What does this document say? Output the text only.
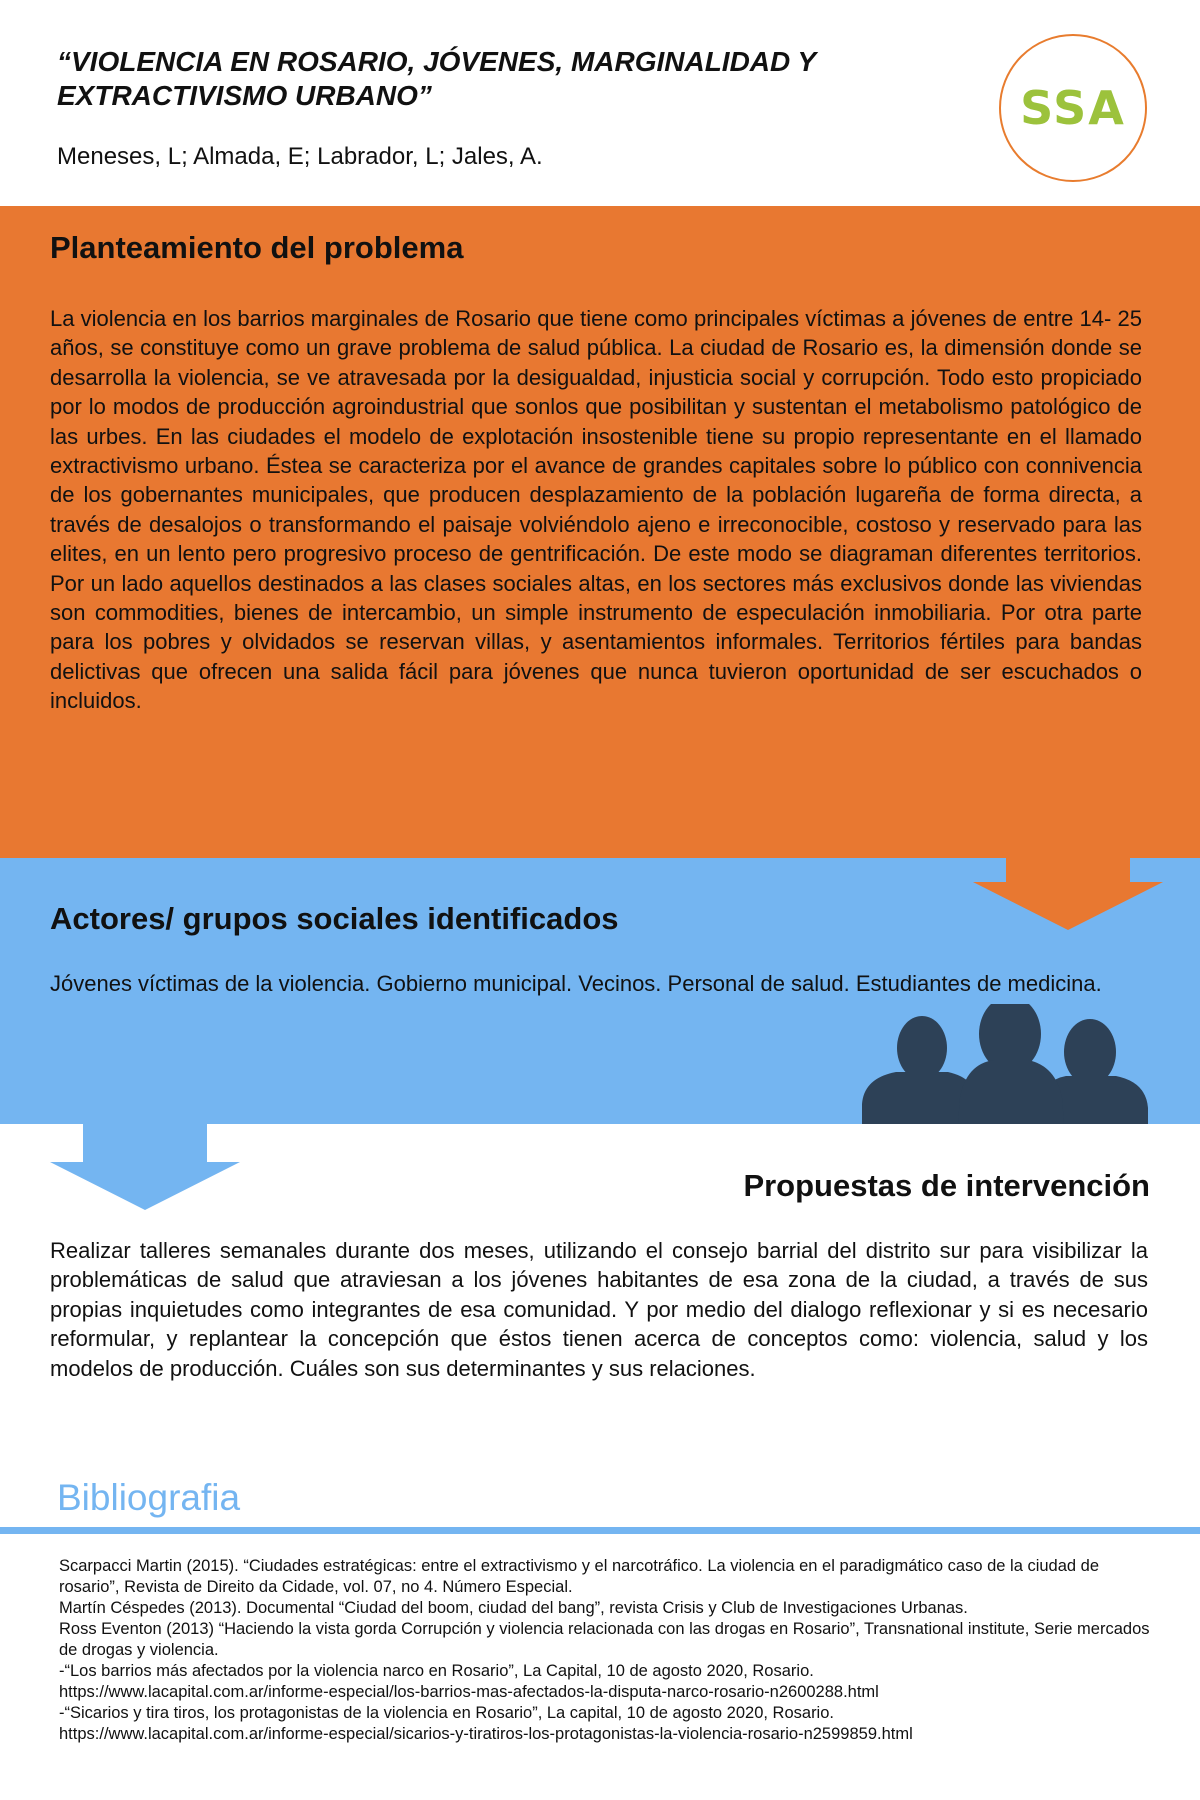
“VIOLENCIA EN ROSARIO, JÓVENES, MARGINALIDAD Y EXTRACTIVISMO URBANO”

Meneses, L; Almada, E; Labrador, L; Jales, A.

SSA
Planteamiento del problema

La violencia en los barrios marginales de Rosario que tiene como principales víctimas a jóvenes de entre 14- 25 años, se constituye como un grave problema de salud pública. La ciudad de Rosario es, la dimensión donde se desarrolla la violencia, se ve atravesada por la desigualdad, injusticia social y corrupción. Todo esto propiciado por lo modos de producción agroindustrial que sonlos que posibilitan y sustentan el metabolismo patológico de las urbes. En las ciudades el modelo de explotación insostenible tiene su propio representante en el llamado extractivismo urbano. Éstea se caracteriza por el avance de grandes capitales sobre lo público con connivencia de los gobernantes municipales, que producen desplazamiento de la población lugareña de forma directa, a través de desalojos o transformando el paisaje volviéndolo ajeno e irreconocible, costoso y reservado para las elites, en un lento pero progresivo proceso de gentrificación. De este modo se diagraman diferentes territorios. Por un lado aquellos destinados a las clases sociales altas, en los sectores más exclusivos donde las viviendas son commodities, bienes de intercambio, un simple instrumento de especulación inmobiliaria. Por otra parte para los pobres y olvidados se reservan villas, y asentamientos informales. Territorios fértiles para bandas delictivas que ofrecen una salida fácil para jóvenes que nunca tuvieron oportunidad de ser escuchados o incluidos.

Actores/ grupos sociales identificados

Jóvenes víctimas de la violencia. Gobierno municipal. Vecinos. Personal de salud. Estudiantes de medicina.

Propuestas de intervención

Realizar talleres semanales durante dos meses, utilizando el consejo barrial del distrito sur para visibilizar la problemáticas de salud que atraviesan a los jóvenes habitantes de esa zona de la ciudad, a través de sus propias inquietudes como integrantes de esa comunidad. Y por medio del dialogo reflexionar y si es necesario reformular, y replantear la concepción que éstos tienen acerca de conceptos como: violencia, salud y los modelos de producción. Cuáles son sus determinantes y sus relaciones.

Bibliografia
Scarpacci Martin (2015). “Ciudades estratégicas: entre el extractivismo y el narcotráfico. La violencia en el paradigmático caso de la ciudad de rosario”, Revista de Direito da Cidade, vol. 07, no 4. Número Especial.
Martín Céspedes (2013). Documental “Ciudad del boom, ciudad del bang”, revista Crisis y Club de Investigaciones Urbanas.
Ross Eventon (2013) “Haciendo la vista gorda Corrupción y violencia relacionada con las drogas en Rosario”, Transnational institute, Serie mercados de drogas y violencia.
-“Los barrios más afectados por la violencia narco en Rosario”, La Capital, 10 de agosto 2020, Rosario.
https://www.lacapital.com.ar/informe-especial/los-barrios-mas-afectados-la-disputa-narco-rosario-n2600288.html
-“Sicarios y tira tiros, los protagonistas de la violencia en Rosario”, La capital, 10 de agosto 2020, Rosario.
https://www.lacapital.com.ar/informe-especial/sicarios-y-tiratiros-los-protagonistas-la-violencia-rosario-n2599859.html
